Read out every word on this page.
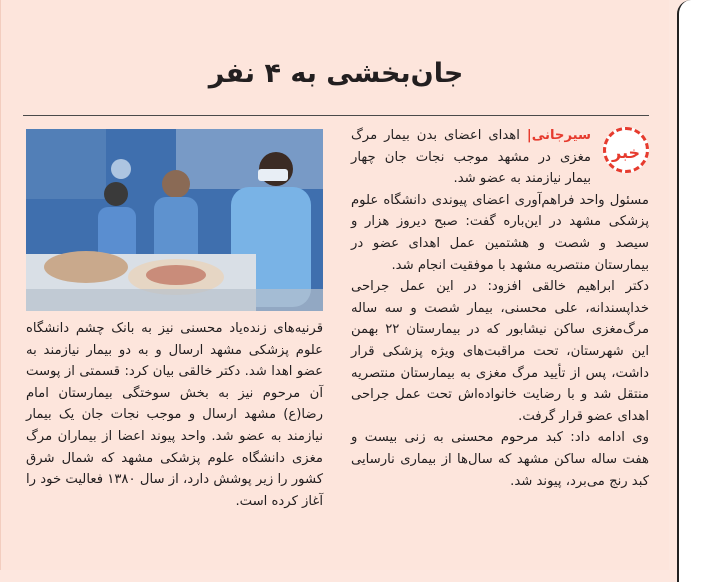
جان‌بخشی به ۴ نفر

خبر
سیرجانی| اهدای اعضای بدن بیمار مرگ مغزی در مشهد موجب نجات جان چهار بیمار نیازمند به عضو شد.

مسئول واحد فراهم‌آوری اعضای پیوندی دانشگاه علوم پزشکی مشهد در این‌باره گفت: صبح دیروز هزار و سیصد و شصت و هشتمین عمل اهدای عضو در بیمارستان منتصریه مشهد با موفقیت انجام شد.

دکتر ابراهیم خالقی افزود: در این عمل جراحی خداپسندانه، علی محسنی، بیمار شصت و سه ساله مرگ‌مغزی ساکن نیشابور که در بیمارستان ۲۲ بهمن این شهرستان، تحت مراقبت‌های ویژه پزشکی قرار داشت، پس از تأیید مرگ مغزی به بیمارستان منتصریه منتقل شد و با رضایت خانواده‌اش تحت عمل جراحی اهدای عضو قرار گرفت.

وی ادامه داد: کبد مرحوم محسنی به زنی بیست و هفت ساله ساکن مشهد که سال‌ها از بیماری نارسایی کبد رنج می‌برد، پیوند شد.

قرنیه‌های زنده‌یاد محسنی نیز به بانک چشم دانشگاه علوم پزشکی مشهد ارسال و به دو بیمار نیازمند به عضو اهدا شد. دکتر خالقی بیان کرد: قسمتی از پوست آن مرحوم نیز به بخش سوختگی بیمارستان امام رضا(ع) مشهد ارسال و موجب نجات جان یک بیمار نیازمند به عضو شد. واحد پیوند اعضا از بیماران مرگ مغزی دانشگاه علوم پزشکی مشهد که شمال شرق کشور را زیر پوشش دارد، از سال ۱۳۸۰ فعالیت خود را آغاز کرده است.
